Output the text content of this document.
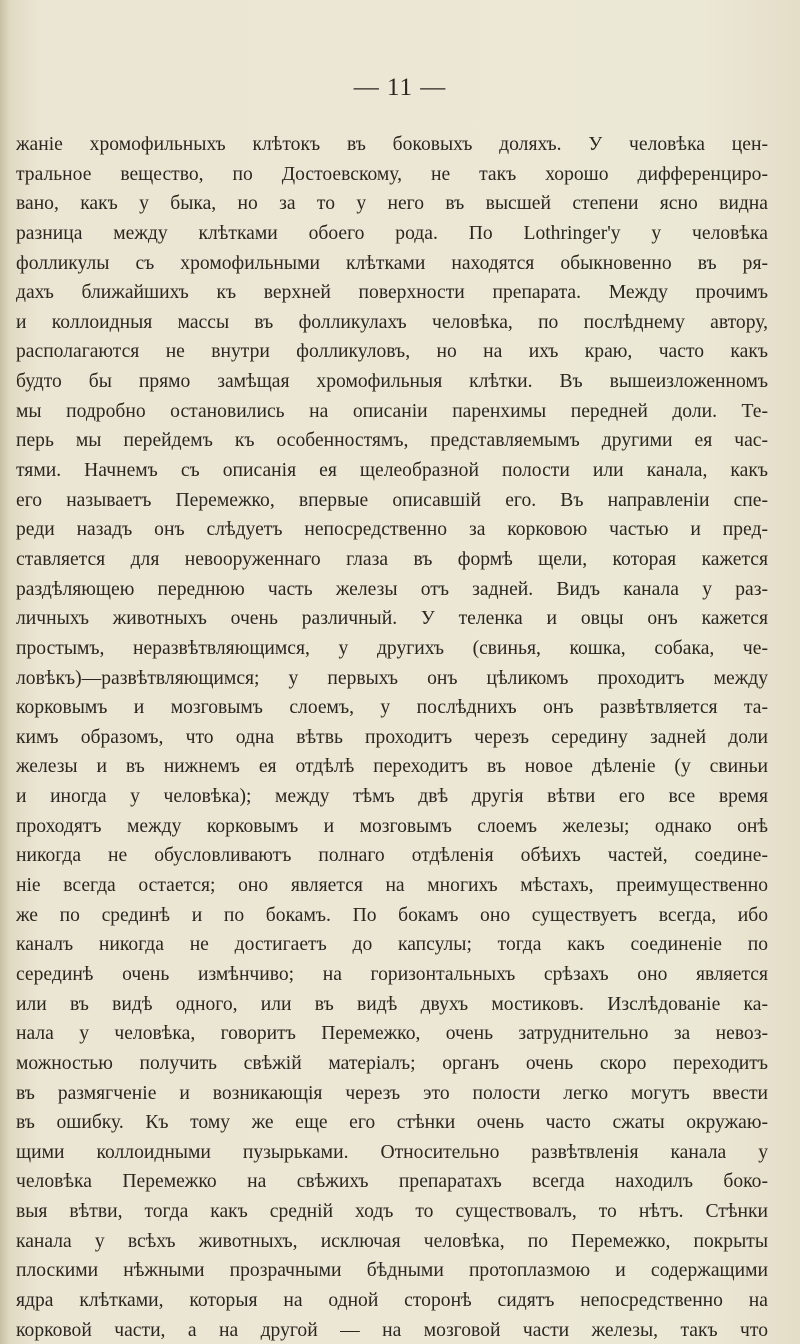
— 11 —
жаніе хромофильныхъ клѣтокъ въ боковыхъ доляхъ. У человѣка цен-
тральное вещество, по Достоевскому, не такъ хорошо дифференциро-
вано, какъ у быка, но за то у него въ высшей степени ясно видна
разница между клѣтками обоего рода. По Lothringer'у у человѣка
фолликулы съ хромофильными клѣтками находятся обыкновенно въ ря-
дахъ ближайшихъ къ верхней поверхности препарата. Между прочимъ
и коллоидныя массы въ фолликулахъ человѣка, по послѣднему автору,
располагаются не внутри фолликуловъ, но на ихъ краю, часто какъ
будто бы прямо замѣщая хромофильныя клѣтки. Въ вышеизложенномъ
мы подробно остановились на описаніи паренхимы передней доли. Те-
перь мы перейдемъ къ особенностямъ, представляемымъ другими ея час-
тями. Начнемъ съ описанія ея щелеобразной полости или канала, какъ
его называетъ Перемежко, впервые описавшій его. Въ направленіи спе-
реди назадъ онъ слѣдуетъ непосредственно за корковою частью и пред-
ставляется для невооруженнаго глаза въ формѣ щели, которая кажется
раздѣляющею переднюю часть железы отъ задней. Видъ канала у раз-
личныхъ животныхъ очень различный. У теленка и овцы онъ кажется
простымъ, неразвѣтвляющимся, у другихъ (свинья, кошка, собака, че-
ловѣкъ)—развѣтвляющимся; у первыхъ онъ цѣликомъ проходитъ между
корковымъ и мозговымъ слоемъ, у послѣднихъ онъ развѣтвляется та-
кимъ образомъ, что одна вѣтвь проходитъ черезъ середину задней доли
железы и въ нижнемъ ея отдѣлѣ переходитъ въ новое дѣленіе (у свиньи
и иногда у человѣка); между тѣмъ двѣ другія вѣтви его все время
проходятъ между корковымъ и мозговымъ слоемъ железы; однако онѣ
никогда не обусловливаютъ полнаго отдѣленія обѣихъ частей, соедине-
ніе всегда остается; оно является на многихъ мѣстахъ, преимущественно
же по срединѣ и по бокамъ. По бокамъ оно существуетъ всегда, ибо
каналъ никогда не достигаетъ до капсулы; тогда какъ соединеніе по
серединѣ очень измѣнчиво; на горизонтальныхъ срѣзахъ оно является
или въ видѣ одного, или въ видѣ двухъ мостиковъ. Изслѣдованіе ка-
нала у человѣка, говоритъ Перемежко, очень затруднительно за невоз-
можностью получить свѣжій матеріалъ; органъ очень скоро переходитъ
въ размягченіе и возникающія черезъ это полости легко могутъ ввести
въ ошибку. Къ тому же еще его стѣнки очень часто сжаты окружаю-
щими коллоидными пузырьками. Относительно развѣтвленія канала у
человѣка Перемежко на свѣжихъ препаратахъ всегда находилъ боко-
выя вѣтви, тогда какъ средній ходъ то существовалъ, то нѣтъ. Стѣнки
канала у всѣхъ животныхъ, исключая человѣка, по Перемежко, покрыты
плоскими нѣжными прозрачными бѣдными протоплазмою и содержащими
ядра клѣтками, которыя на одной сторонѣ сидятъ непосредственно на
корковой части, а на другой — на мозговой части железы, такъ что
